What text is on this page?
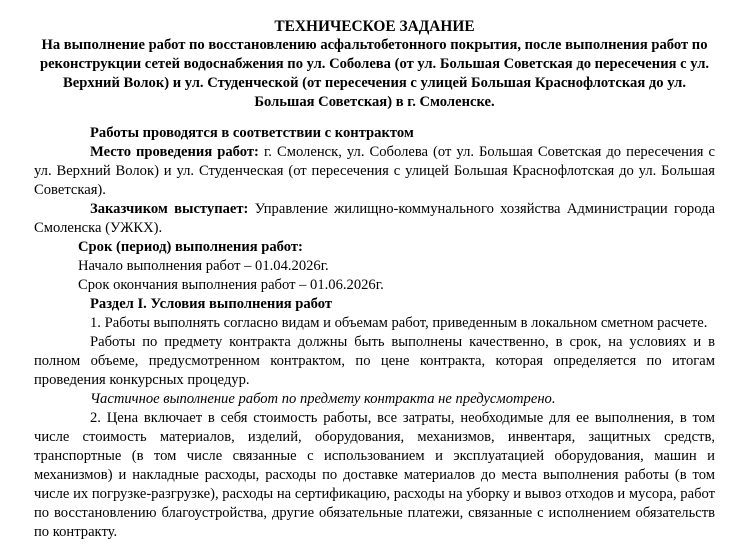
ТЕХНИЧЕСКОЕ ЗАДАНИЕ

На выполнение работ по восстановлению асфальтобетонного покрытия, после выполнения работ по реконструкции сетей водоснабжения по ул. Соболева (от ул. Большая Советская до пересечения с ул. Верхний Волок) и ул. Студенческой (от пересечения с улицей Большая Краснофлотская до ул. Большая Советская) в г. Смоленске.

Работы проводятся в соответствии с контрактом

Место проведения работ: г. Смоленск, ул. Соболева (от ул. Большая Советская до пересечения с ул. Верхний Волок) и ул. Студенческая (от пересечения с улицей Большая Краснофлотская до ул. Большая Советская).

Заказчиком выступает: Управление жилищно-коммунального хозяйства Администрации города Смоленска (УЖКХ).

Срок (период) выполнения работ:

Начало выполнения работ – 01.04.2026г.

Срок окончания выполнения работ – 01.06.2026г.

Раздел I. Условия выполнения работ

1. Работы выполнять согласно видам и объемам работ, приведенным в локальном сметном расчете.

Работы по предмету контракта должны быть выполнены качественно, в срок, на условиях и в полном объеме, предусмотренном контрактом, по цене контракта, которая определяется по итогам проведения конкурсных процедур.

Частичное выполнение работ по предмету контракта не предусмотрено.

2. Цена включает в себя стоимость работы, все затраты, необходимые для ее выполнения, в том числе стоимость материалов, изделий, оборудования, механизмов, инвентаря, защитных средств, транспортные (в том числе связанные с использованием и эксплуатацией оборудования, машин и механизмов) и накладные расходы, расходы по доставке материалов до места выполнения работы (в том числе их погрузке-разгрузке), расходы на сертификацию, расходы на уборку и вывоз отходов и мусора, работ по восстановлению благоустройства, другие обязательные платежи, связанные с исполнением обязательств по контракту.
